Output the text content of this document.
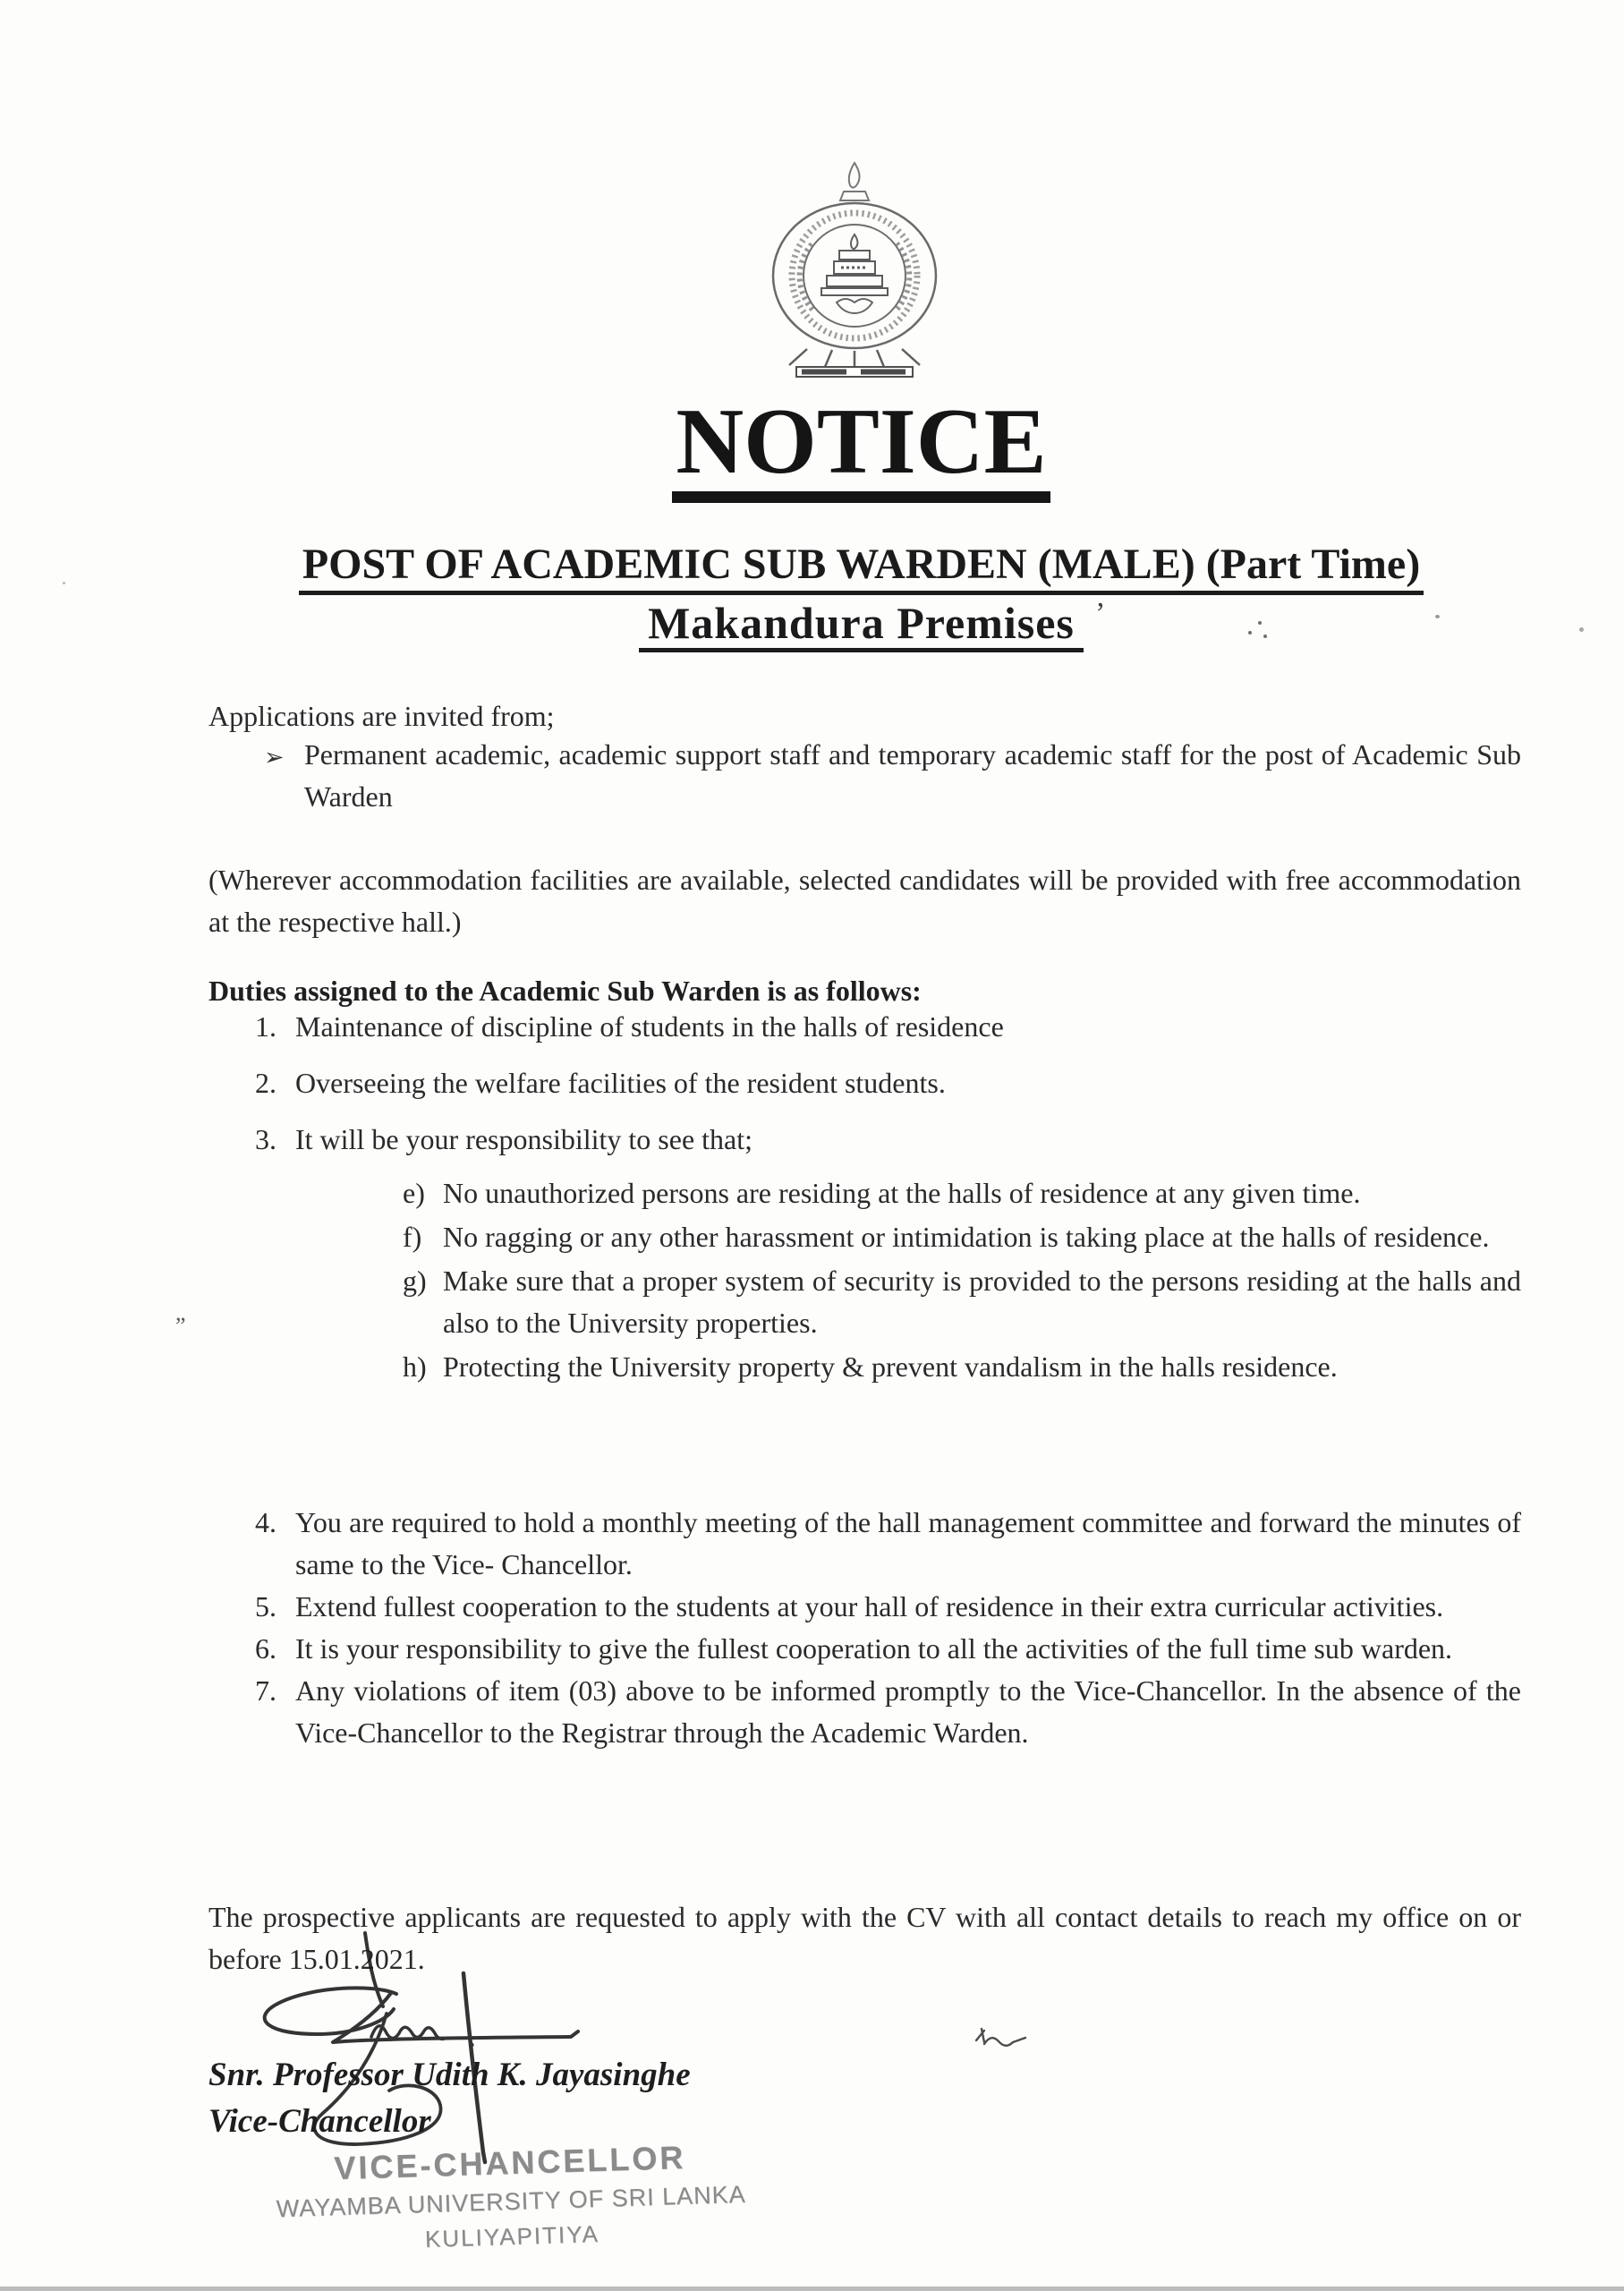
NOTICE
POST OF ACADEMIC SUB WARDEN (MALE) (Part Time)
Makandura Premises

Applications are invited from;

➢ Permanent academic, academic support staff and temporary academic staff for the post of Academic Sub Warden

(Wherever accommodation facilities are available, selected candidates will be provided with free accommodation at the respective hall.)

Duties assigned to the Academic Sub Warden is as follows:

1. Maintenance of discipline of students in the halls of residence
2. Overseeing the welfare facilities of the resident students.
3. It will be your responsibility to see that;
e) No unauthorized persons are residing at the halls of residence at any given time.
f) No ragging or any other harassment or intimidation is taking place at the halls of residence.
g) Make sure that a proper system of security is provided to the persons residing at the halls and also to the University properties.
h) Protecting the University property & prevent vandalism in the halls residence.
4. You are required to hold a monthly meeting of the hall management committee and forward the minutes of same to the Vice- Chancellor.
5. Extend fullest cooperation to the students at your hall of residence in their extra curricular activities.
6. It is your responsibility to give the fullest cooperation to all the activities of the full time sub warden.
7. Any violations of item (03) above to be informed promptly to the Vice-Chancellor. In the absence of the Vice-Chancellor to the Registrar through the Academic Warden.

The prospective applicants are requested to apply with the CV with all contact details to reach my office on or before 15.01.2021.

Snr. Professor Udith K. Jayasinghe
Vice-Chancellor
VICE-CHANCELLOR
WAYAMBA UNIVERSITY OF SRI LANKA
KULIYAPITIYA
”
’
